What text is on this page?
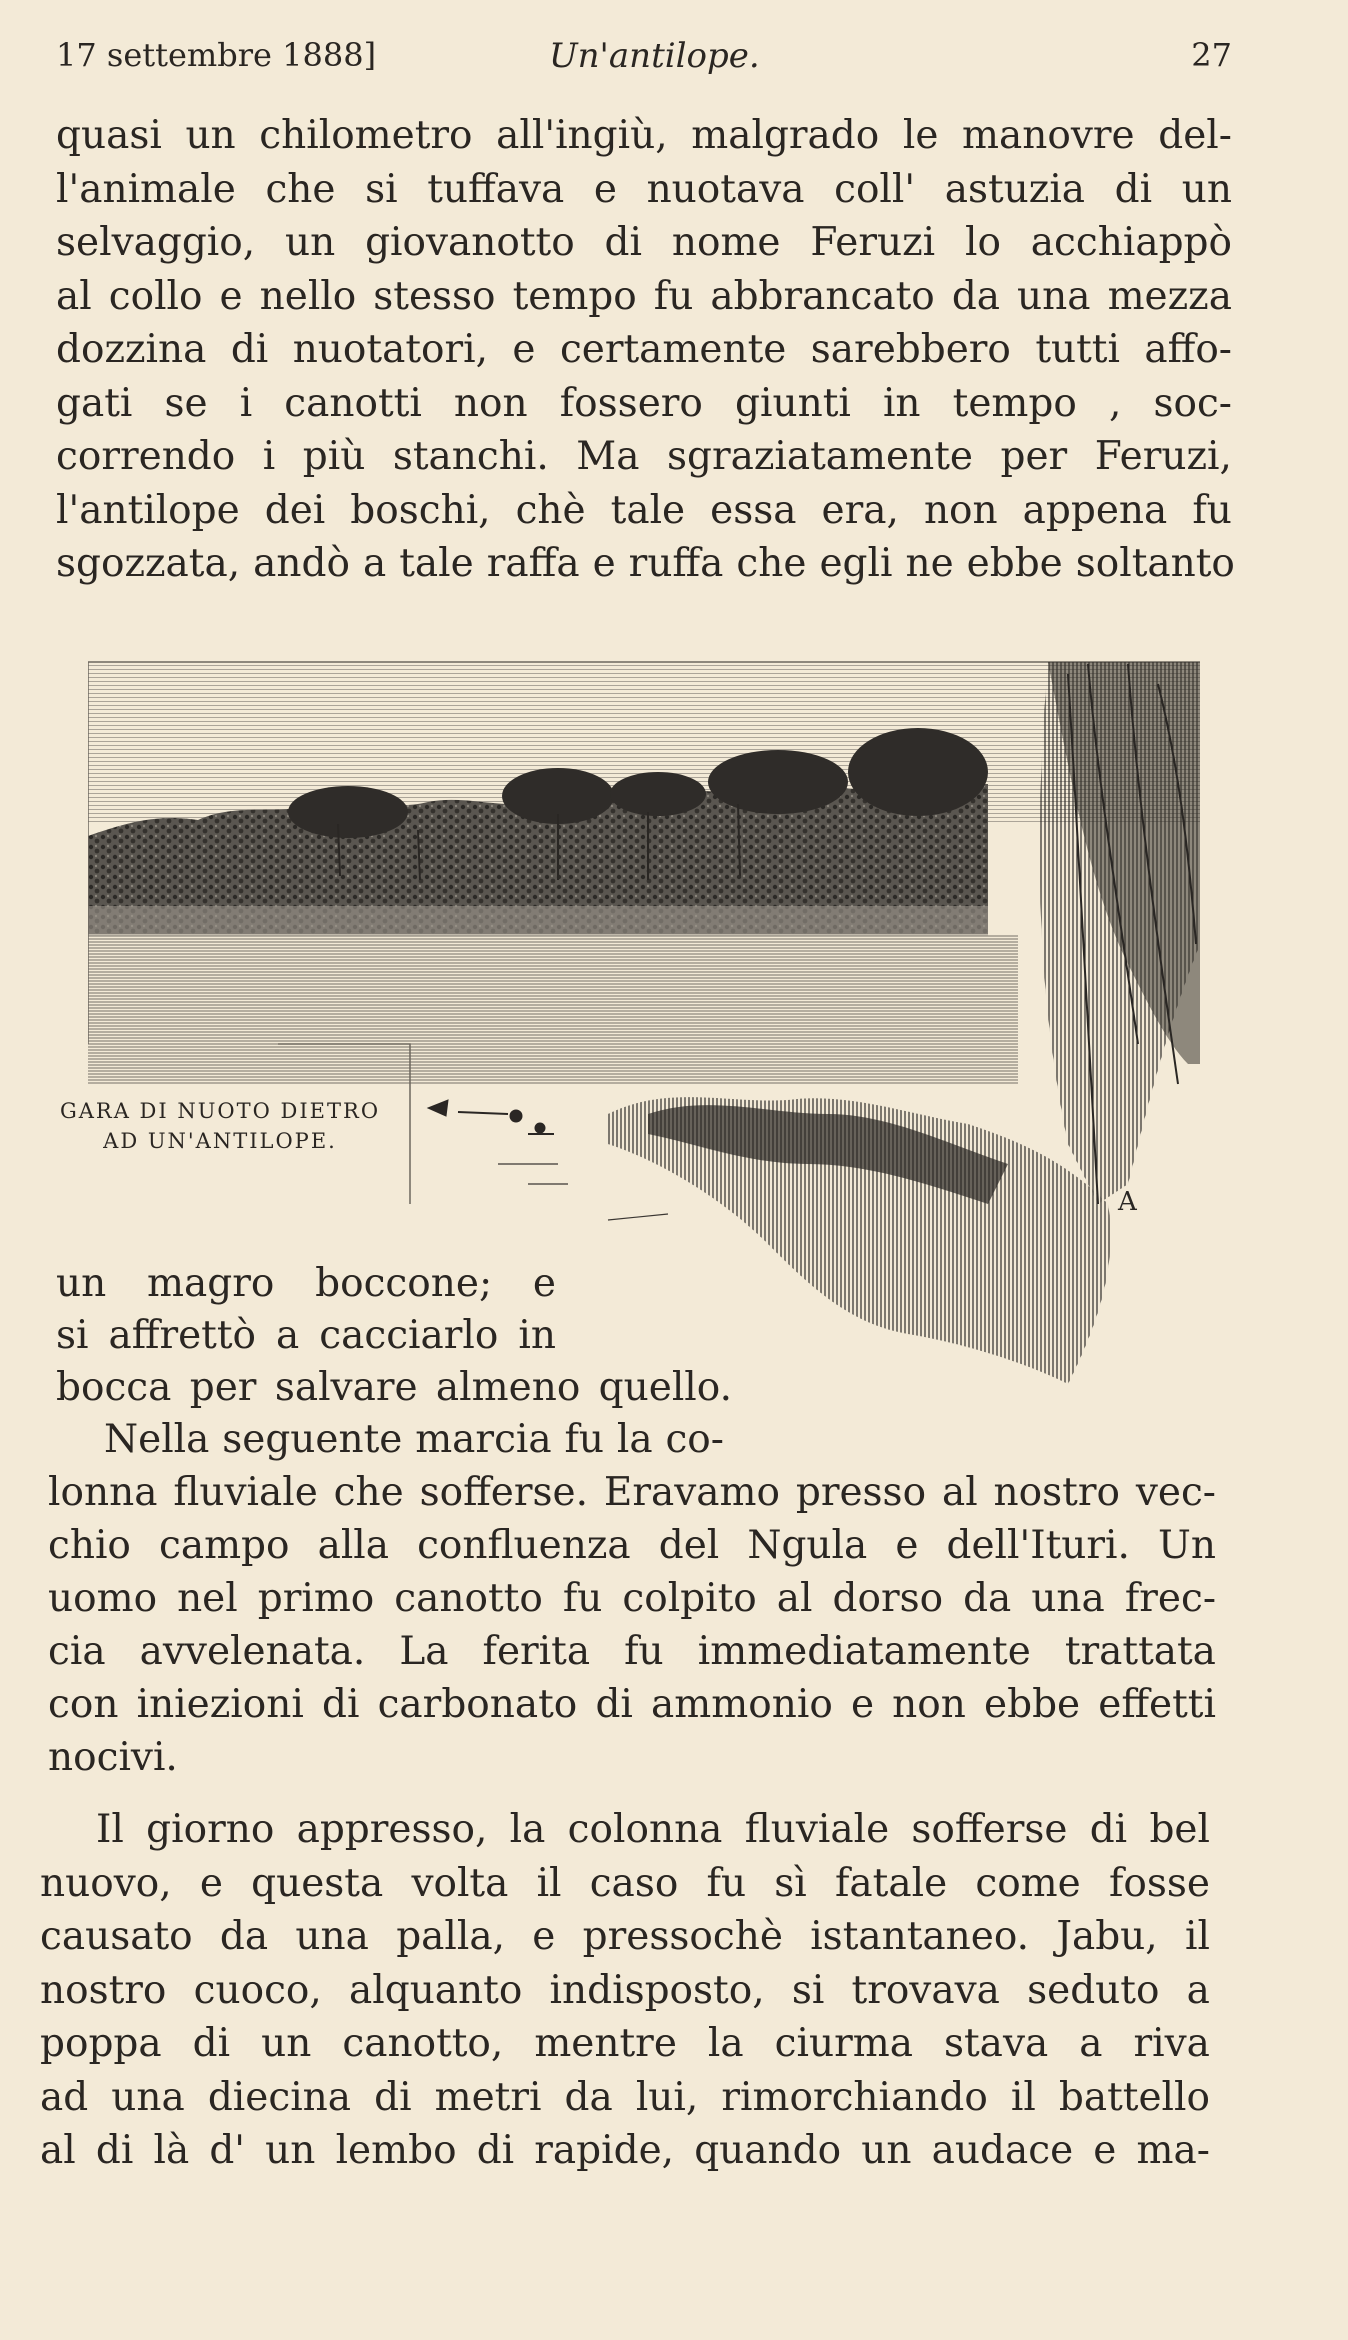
17 settembre 1888]	Un'antilope.	27
quasi un chilometro all'ingiù, malgrado le manovre del-
l'animale che si tuffava e nuotava coll' astuzia di un
selvaggio, un giovanotto di nome Feruzi lo acchiappò
al collo e nello stesso tempo fu abbrancato da una mezza
dozzina di nuotatori, e certamente sarebbero tutti affo-
gati se i canotti non fossero giunti in tempo , soc-
correndo i più stanchi. Ma sgraziatamente per Feruzi,
l'antilope dei boschi, chè tale essa era, non appena fu
sgozzata, andò a tale raffa e ruffa che egli ne ebbe soltanto
un magro boccone; e
si affrettò a cacciarlo in
bocca per salvare almeno quello.
Nella seguente marcia fu la co-
lonna fluviale che sofferse. Eravamo presso al nostro vec-
chio campo alla confluenza del Ngula e dell'Ituri. Un
uomo nel primo canotto fu colpito al dorso da una frec-
cia avvelenata. La ferita fu immediatamente trattata
con iniezioni di carbonato di ammonio e non ebbe effetti
nocivi.
Il giorno appresso, la colonna fluviale sofferse di bel
nuovo, e questa volta il caso fu sì fatale come fosse
causato da una palla, e pressochè istantaneo. Jabu, il
nostro cuoco, alquanto indisposto, si trovava seduto a
poppa di un canotto, mentre la ciurma stava a riva
ad una diecina di metri da lui, rimorchiando il battello
al di là d' un lembo di rapide, quando un audace e ma-
A
GARA DI NUOTO DIETRO
AD UN'ANTILOPE.
